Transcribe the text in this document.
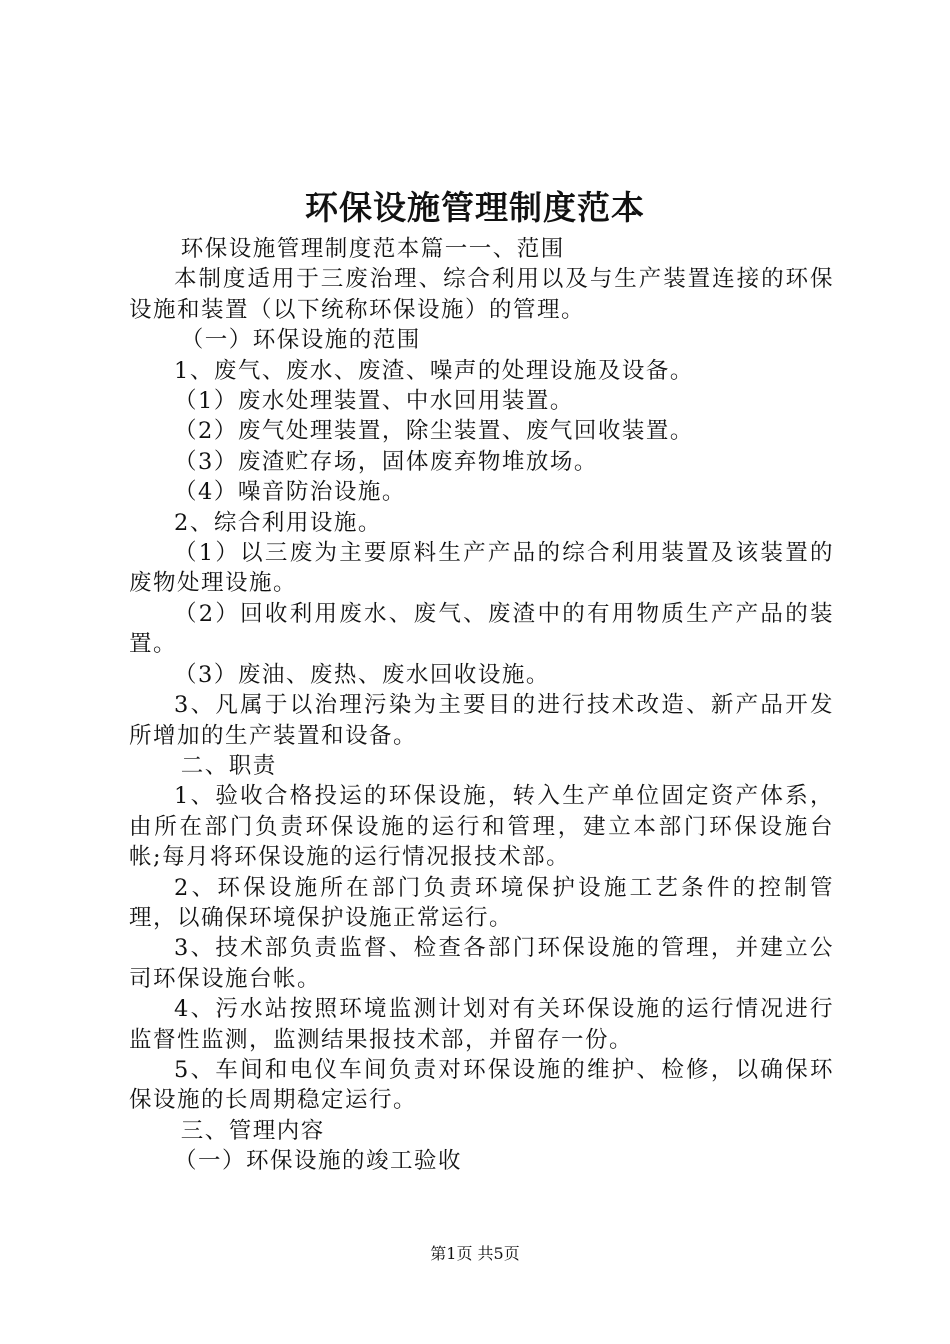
环保设施管理制度范本

环保设施管理制度范本篇一一、范围

本制度适用于三废治理、综合利用以及与生产装置连接的环保设施和装置（以下统称环保设施）的管理。

（一）环保设施的范围

1、废气、废水、废渣、噪声的处理设施及设备。

（1）废水处理装置、中水回用装置。

（2）废气处理装置，除尘装置、废气回收装置。

（3）废渣贮存场，固体废弃物堆放场。

（4）噪音防治设施。

2、综合利用设施。

（1）以三废为主要原料生产产品的综合利用装置及该装置的废物处理设施。

（2）回收利用废水、废气、废渣中的有用物质生产产品的装置。

（3）废油、废热、废水回收设施。

3、凡属于以治理污染为主要目的进行技术改造、新产品开发所增加的生产装置和设备。

二、职责

1、验收合格投运的环保设施，转入生产单位固定资产体系，由所在部门负责环保设施的运行和管理，建立本部门环保设施台帐;每月将环保设施的运行情况报技术部。

2、环保设施所在部门负责环境保护设施工艺条件的控制管理，以确保环境保护设施正常运行。

3、技术部负责监督、检查各部门环保设施的管理，并建立公司环保设施台帐。

4、污水站按照环境监测计划对有关环保设施的运行情况进行监督性监测，监测结果报技术部，并留存一份。

5、车间和电仪车间负责对环保设施的维护、检修，以确保环保设施的长周期稳定运行。

三、管理内容

（一）环保设施的竣工验收

第1页 共5页
